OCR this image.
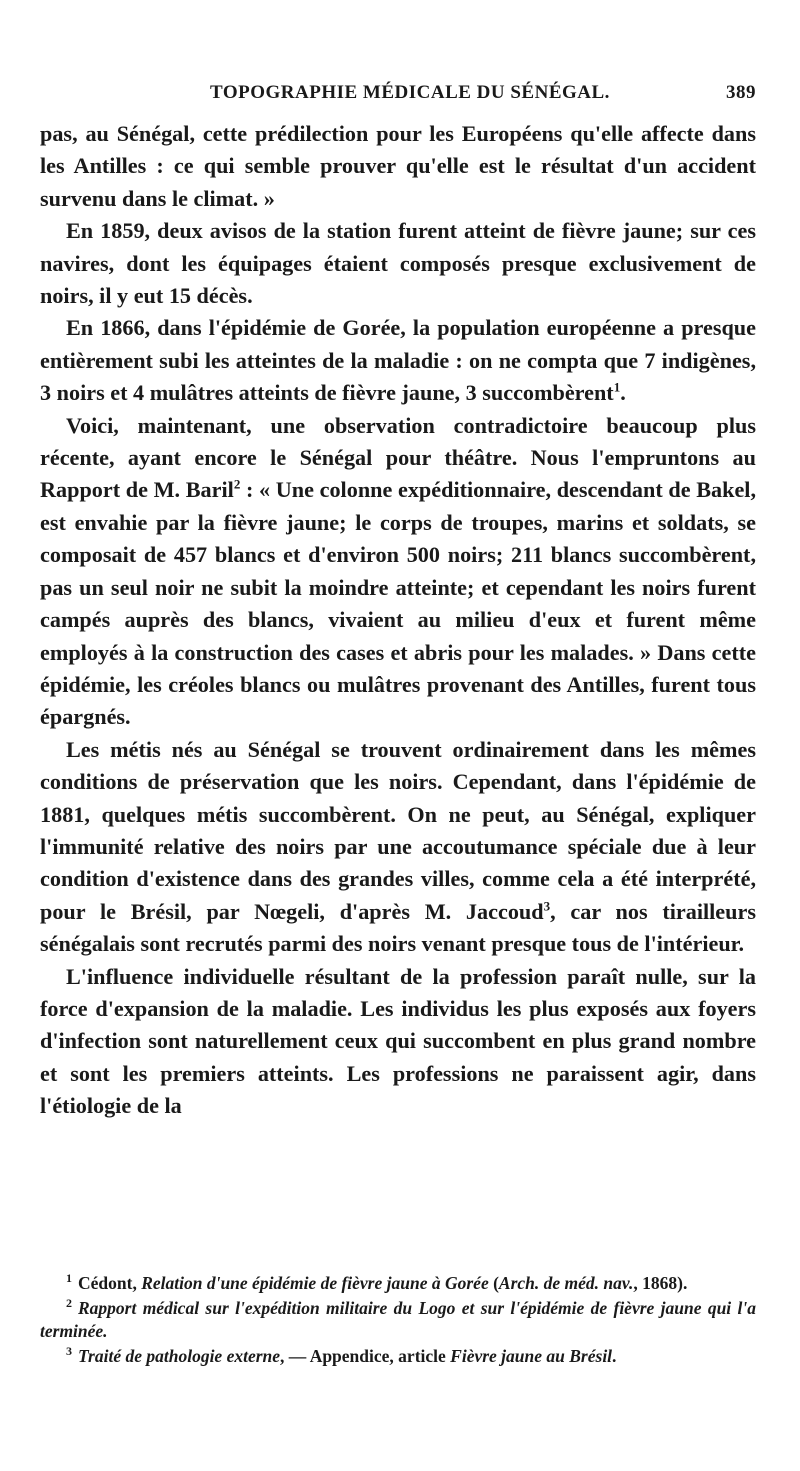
TOPOGRAPHIE MÉDICALE DU SÉNÉGAL.	389

pas, au Sénégal, cette prédilection pour les Européens qu'elle affecte dans les Antilles : ce qui semble prouver qu'elle est le résultat d'un accident survenu dans le climat. »

En 1859, deux avisos de la station furent atteint de fièvre jaune; sur ces navires, dont les équipages étaient composés presque exclusivement de noirs, il y eut 15 décès.

En 1866, dans l'épidémie de Gorée, la population européenne a presque entièrement subi les atteintes de la maladie : on ne compta que 7 indigènes, 3 noirs et 4 mulâtres atteints de fièvre jaune, 3 succombèrent$^1$.

Voici, maintenant, une observation contradictoire beaucoup plus récente, ayant encore le Sénégal pour théâtre. Nous l'empruntons au Rapport de M. Baril$^2$ : « Une colonne expéditionnaire, descendant de Bakel, est envahie par la fièvre jaune; le corps de troupes, marins et soldats, se composait de 457 blancs et d'environ 500 noirs; 211 blancs succombèrent, pas un seul noir ne subit la moindre atteinte; et cependant les noirs furent campés auprès des blancs, vivaient au milieu d'eux et furent même employés à la construction des cases et abris pour les malades. » Dans cette épidémie, les créoles blancs ou mulâtres provenant des Antilles, furent tous épargnés.

Les métis nés au Sénégal se trouvent ordinairement dans les mêmes conditions de préservation que les noirs. Cependant, dans l'épidémie de 1881, quelques métis succombèrent. On ne peut, au Sénégal, expliquer l'immunité relative des noirs par une accoutumance spéciale due à leur condition d'existence dans des grandes villes, comme cela a été interprété, pour le Brésil, par Nœgeli, d'après M. Jaccoud$^3$, car nos tirailleurs sénégalais sont recrutés parmi des noirs venant presque tous de l'intérieur.

L'influence individuelle résultant de la profession paraît nulle, sur la force d'expansion de la maladie. Les individus les plus exposés aux foyers d'infection sont naturellement ceux qui succombent en plus grand nombre et sont les premiers atteints. Les professions ne paraissent agir, dans l'étiologie de la

$^1$ Cédont, Relation d'une épidémie de fièvre jaune à Gorée (Arch. de méd. nav., 1868).

$^2$ Rapport médical sur l'expédition militaire du Logo et sur l'épidémie de fièvre jaune qui l'a terminée.

$^3$ Traité de pathologie externe, — Appendice, article Fièvre jaune au Brésil.
